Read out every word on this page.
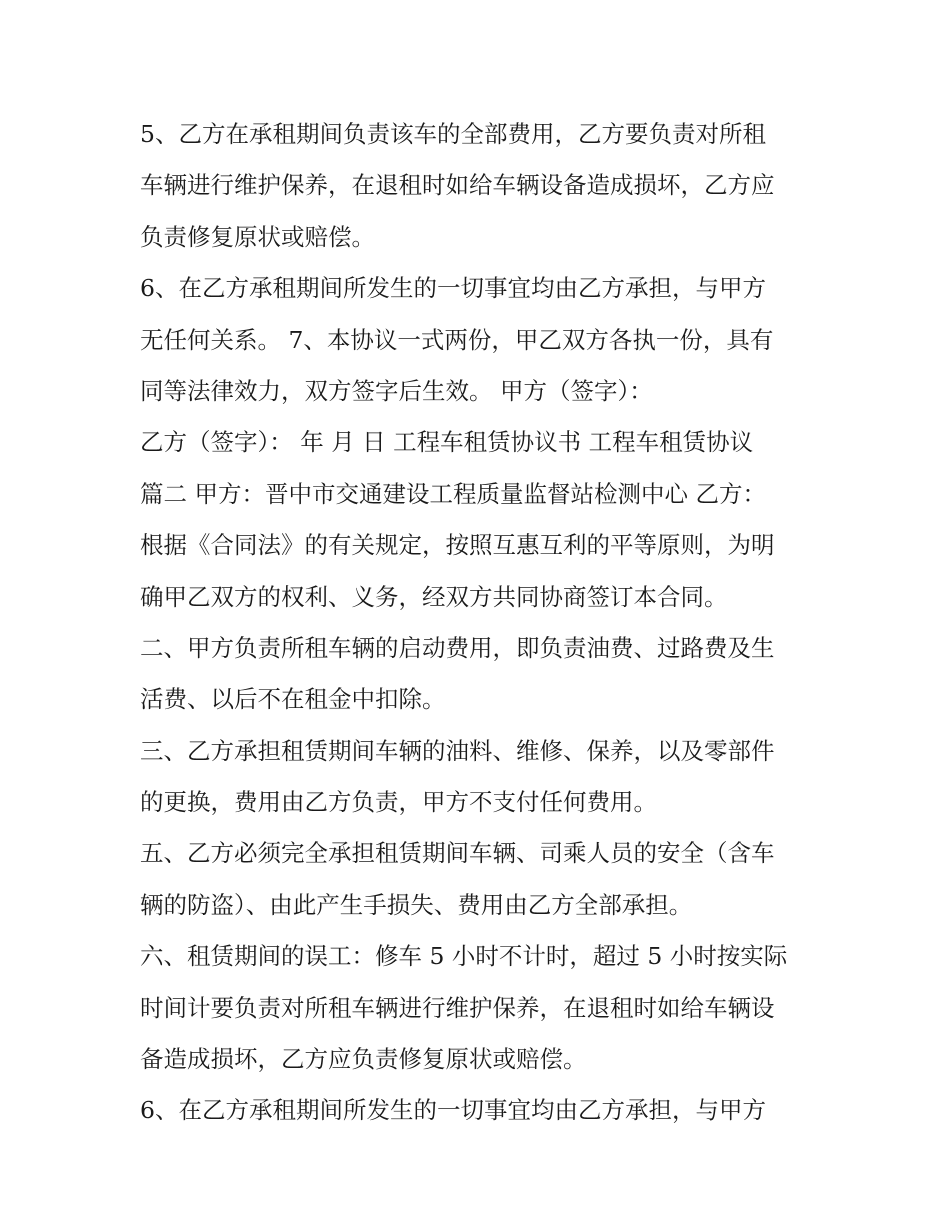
5、乙方在承租期间负责该车的全部费用，乙方要负责对所租
车辆进行维护保养，在退租时如给车辆设备造成损坏，乙方应
负责修复原状或赔偿。
6、在乙方承租期间所发生的一切事宜均由乙方承担，与甲方
无任何关系。 7、本协议一式两份，甲乙双方各执一份，具有
同等法律效力，双方签字后生效。 甲方（签字）：
乙方（签字）： 年 月 日 工程车租赁协议书 工程车租赁协议
篇二 甲方：晋中市交通建设工程质量监督站检测中心 乙方：
根据《合同法》的有关规定，按照互惠互利的平等原则，为明
确甲乙双方的权利、义务，经双方共同协商签订本合同。
二、甲方负责所租车辆的启动费用，即负责油费、过路费及生
活费、以后不在租金中扣除。
三、乙方承担租赁期间车辆的油料、维修、保养，以及零部件
的更换，费用由乙方负责，甲方不支付任何费用。
五、乙方必须完全承担租赁期间车辆、司乘人员的安全（含车
辆的防盗）、由此产生手损失、费用由乙方全部承担。
六、租赁期间的误工：修车 5 小时不计时，超过 5 小时按实际
时间计要负责对所租车辆进行维护保养，在退租时如给车辆设
备造成损坏，乙方应负责修复原状或赔偿。
6、在乙方承租期间所发生的一切事宜均由乙方承担，与甲方
